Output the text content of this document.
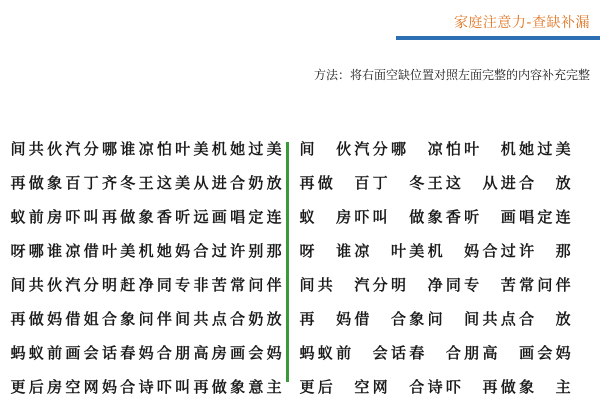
家庭注意力-查缺补漏
方法：将右面空缺位置对照左面完整的内容补充完整
间 共 伙 汽 分 哪 谁 凉 怕 叶 美 机 她 过 美 间 伙 汽 分 哪 凉 怕 叶 机 她 过 美
再 做 象 百 丁 齐 冬 王 这 美 从 进 合 奶 放 再 做 百 丁 冬 王 这 从 进 合 放
蚁 前 房 吓 叫 再 做 象 香 听 远 画 唱 定 连 蚁 房 吓 叫 做 象 香 听 画 唱 定 连
呀 哪 谁 凉 借 叶 美 机 她 妈 合 过 许 别 那 呀 谁 凉 叶 美 机 妈 合 过 许 那
间 共 伙 汽 分 明 赶 净 同 专 非 苦 常 问 伴 间 共 汽 分 明 净 同 专 苦 常 问 伴
再 做 妈 借 姐 合 象 问 伴 间 共 点 合 奶 放 再 妈 借 合 象 问 间 共 点 合 放
蚂 蚁 前 画 会 话 春 妈 合 朋 高 房 画 会 妈 蚂 蚁 前 会 话 春 合 朋 高 画 会 妈
更 后 房 空 网 妈 合 诗 吓 叫 再 做 象 意 主 更 后 空 网 合 诗 吓 再 做 象 主
